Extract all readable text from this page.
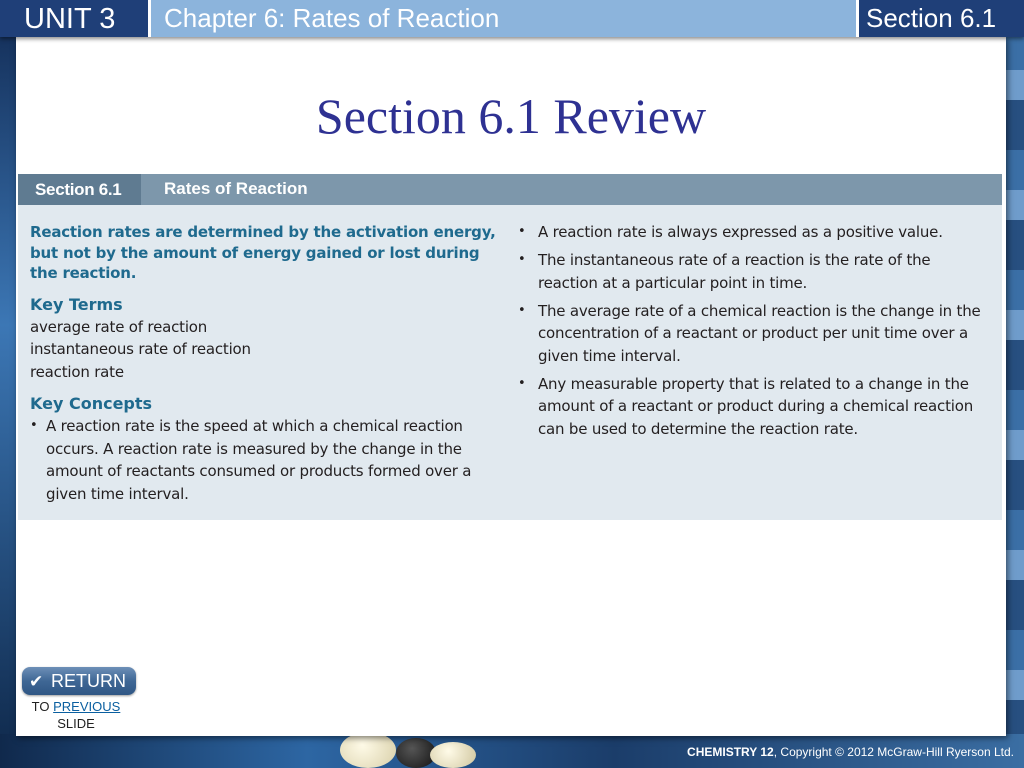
UNIT 3	Chapter 6: Rates of Reaction	Section 6.1
Section 6.1 Review
Section 6.1	Rates of Reaction
Reaction rates are determined by the activation energy, but not by the amount of energy gained or lost during the reaction.
Key Terms
average rate of reaction
instantaneous rate of reaction
reaction rate
Key Concepts
• A reaction rate is the speed at which a chemical reaction occurs. A reaction rate is measured by the change in the amount of reactants consumed or products formed over a given time interval.
• A reaction rate is always expressed as a positive value.
• The instantaneous rate of a reaction is the rate of the reaction at a particular point in time.
• The average rate of a chemical reaction is the change in the concentration of a reactant or product per unit time over a given time interval.
• Any measurable property that is related to a change in the amount of a reactant or product during a chemical reaction can be used to determine the reaction rate.
✔ RETURN
TO PREVIOUS
SLIDE
CHEMISTRY 12, Copyright © 2012 McGraw-Hill Ryerson Ltd.
